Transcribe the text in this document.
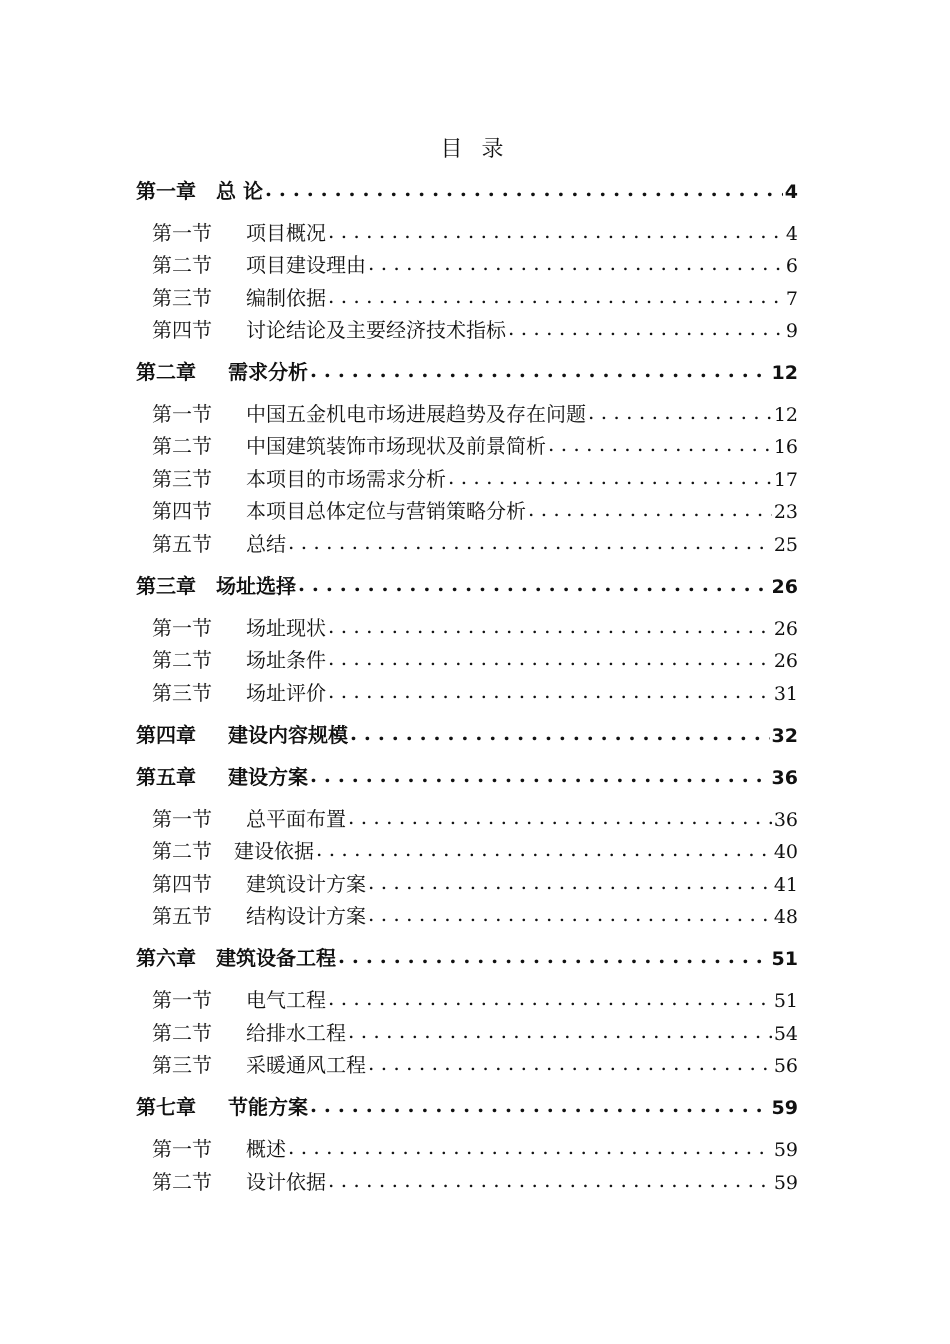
目 录
第一章	总 论 . . .	4
第一节	项目概况 . . .	4
第二节	项目建设理由 . . .	6
第三节	编制依据 . . .	7
第四节	讨论结论及主要经济技术指标 . . .	9
第二章	需求分析 . . .	12
第一节	中国五金机电市场进展趋势及存在问题 . . .	12
第二节	中国建筑装饰市场现状及前景简析 . . .	16
第三节	本项目的市场需求分析 . . .	17
第四节	本项目总体定位与营销策略分析 . . .	23
第五节	总结 . . .	25
第三章	场址选择 . . .	26
第一节	场址现状 . . .	26
第二节	场址条件 . . .	26
第三节	场址评价 . . .	31
第四章	建设内容规模 . . .	32
第五章	建设方案 . . .	36
第一节	总平面布置 . . .	36
第二节	建设依据 . . .	40
第四节	建筑设计方案 . . .	41
第五节	结构设计方案 . . .	48
第六章	建筑设备工程 . . .	51
第一节	电气工程 . . .	51
第二节	给排水工程 . . .	54
第三节	采暖通风工程 . . .	56
第七章	节能方案 . . .	59
第一节	概述 . . .	59
第二节	设计依据 . . .	59
